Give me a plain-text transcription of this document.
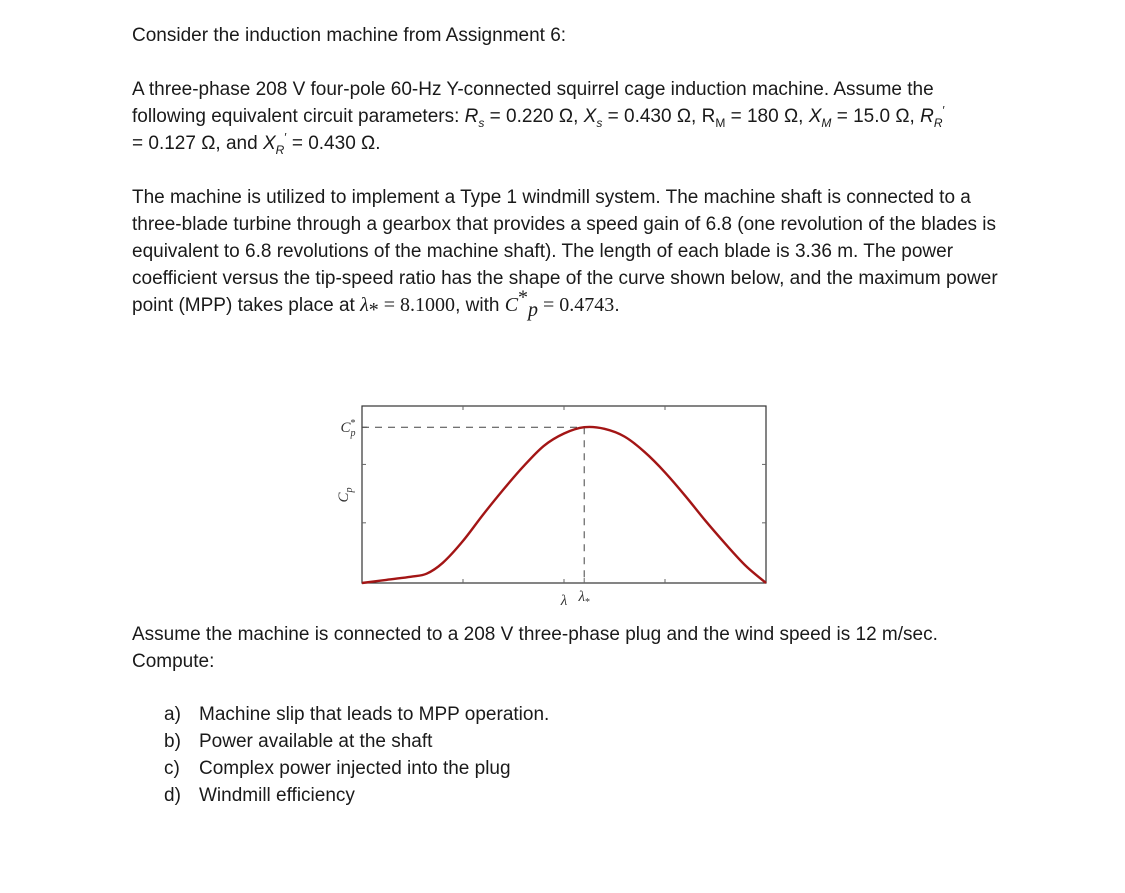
Consider the induction machine from Assignment 6:

A three-phase 208 V four-pole 60-Hz Y-connected squirrel cage induction machine. Assume the following equivalent circuit parameters: $R_s = 0.220$ Ω, $X_s = 0.430$ Ω, $R_M = 180$ Ω, $X_M = 15.0$ Ω, $R_R'$
= 0.127 Ω, and $X_R' = 0.430$ Ω.

The machine is utilized to implement a Type 1 windmill system. The machine shaft is connected to a three-blade turbine through a gearbox that provides a speed gain of 6.8 (one revolution of the blades is equivalent to 6.8 revolutions of the machine shaft). The length of each blade is 3.36 m. The power coefficient versus the tip-speed ratio has the shape of the curve shown below, and the maximum power point (MPP) takes place at $\lambda_* = 8.1000$, with $C^*_p = 0.4743$.

C* p
$C_p$
λ $\lambda_*$

Assume the machine is connected to a 208 V three-phase plug and the wind speed is 12 m/sec. Compute:

a) Machine slip that leads to MPP operation.
b) Power available at the shaft
c)	Complex power injected into the plug
d) Windmill efficiency
